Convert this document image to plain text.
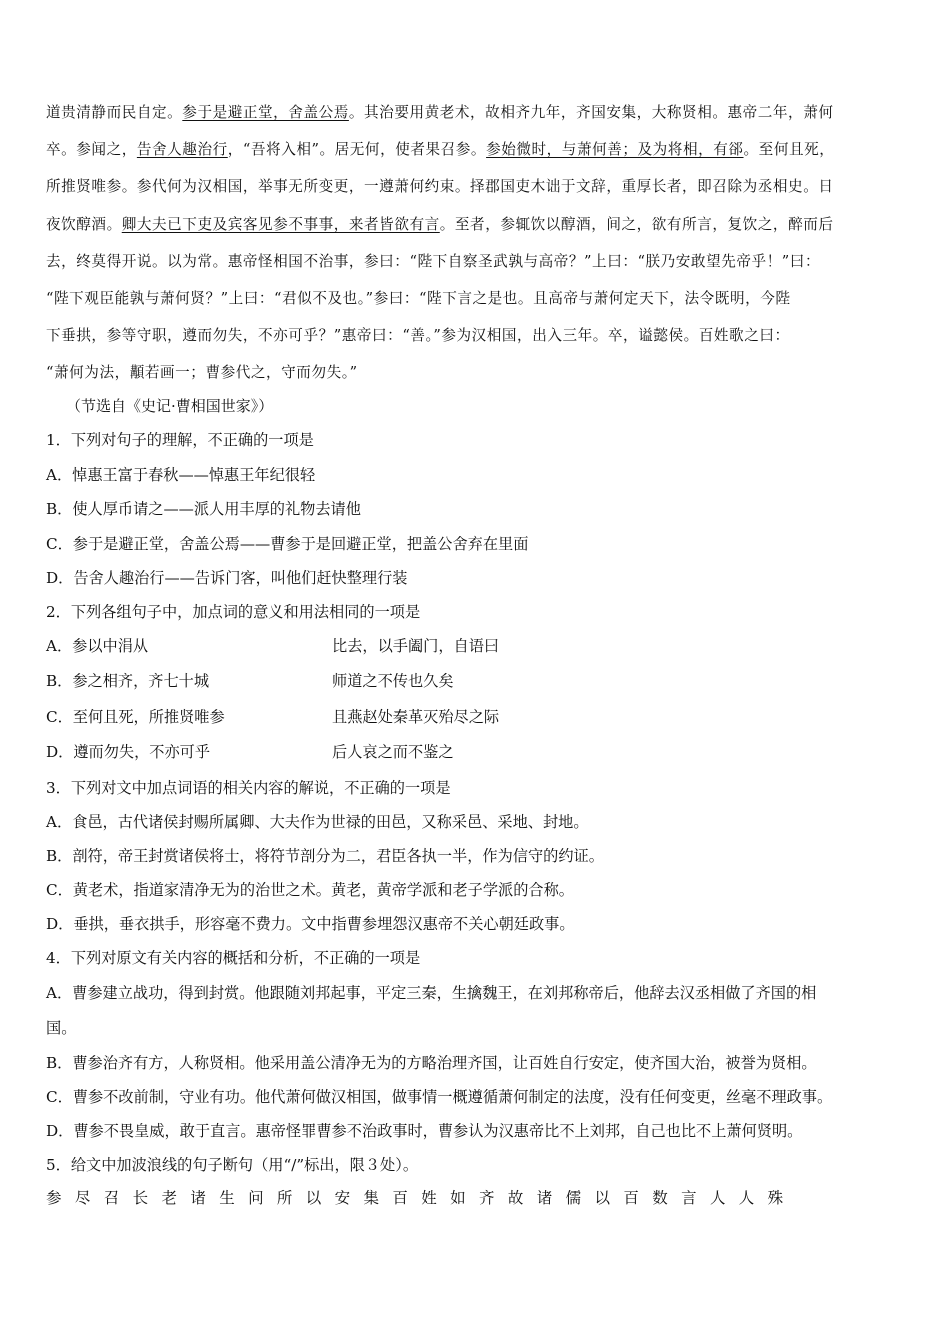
道贵清静而民自定。参于是避正堂，舍盖公焉。其治要用黄老术，故相齐九年，齐国安集，大称贤相。惠帝二年，萧何
卒。参闻之，告舍人趣治行，“吾将入相”。居无何，使者果召参。参始微时，与萧何善；及为将相，有郤。至何且死，
所推贤唯参。参代何为汉相国，举事无所变更，一遵萧何约束。择郡国吏木诎于文辞，重厚长者，即召除为丞相史。日
夜饮醇酒。卿大夫已下吏及宾客见参不事事，来者皆欲有言。至者，参辄饮以醇酒，间之，欲有所言，复饮之，醉而后
去，终莫得开说。以为常。惠帝怪相国不治事，参曰：“陛下自察圣武孰与高帝？”上曰：“朕乃安敢望先帝乎！”曰：
“陛下观臣能孰与萧何贤？”上曰：“君似不及也。”参曰：“陛下言之是也。且高帝与萧何定天下，法令既明，今陛
下垂拱，参等守职，遵而勿失，不亦可乎？”惠帝曰：“善。”参为汉相国，出入三年。卒，谥懿侯。百姓歌之曰：
“萧何为法，顜若画一；曹参代之，守而勿失。”
（节选自《史记·曹相国世家》）
1．下列对句子的理解，不正确的一项是
A．悼惠王富于春秋——悼惠王年纪很轻
B．使人厚币请之——派人用丰厚的礼物去请他
C．参于是避正堂，舍盖公焉——曹参于是回避正堂，把盖公舍弃在里面
D．告舍人趣治行——告诉门客，叫他们赶快整理行装
2．下列各组句子中，加点词的意义和用法相同的一项是
A．参以中涓从	比去，以手阖门，自语曰
B．参之相齐，齐七十城	师道之不传也久矣
C．至何且死，所推贤唯参	且燕赵处秦革灭殆尽之际
D．遵而勿失，不亦可乎	后人哀之而不鉴之
3．下列对文中加点词语的相关内容的解说，不正确的一项是
A．食邑，古代诸侯封赐所属卿、大夫作为世禄的田邑，又称采邑、采地、封地。
B．剖符，帝王封赏诸侯将士，将符节剖分为二，君臣各执一半，作为信守的约证。
C．黄老术，指道家清净无为的治世之术。黄老，黄帝学派和老子学派的合称。
D．垂拱，垂衣拱手，形容毫不费力。文中指曹参埋怨汉惠帝不关心朝廷政事。
4．下列对原文有关内容的概括和分析，不正确的一项是
A．曹参建立战功，得到封赏。他跟随刘邦起事，平定三秦，生擒魏王，在刘邦称帝后，他辞去汉丞相做了齐国的相
国。
B．曹参治齐有方，人称贤相。他采用盖公清净无为的方略治理齐国，让百姓自行安定，使齐国大治，被誉为贤相。
C．曹参不改前制，守业有功。他代萧何做汉相国，做事情一概遵循萧何制定的法度，没有任何变更，丝毫不理政事。
D．曹参不畏皇威，敢于直言。惠帝怪罪曹参不治政事时，曹参认为汉惠帝比不上刘邦，自己也比不上萧何贤明。
5．给文中加波浪线的句子断句（用“/”标出，限３处）。
参 尽 召 长 老 诸 生 问 所 以 安 集 百 姓 如 齐 故 诸 儒 以 百 数 言 人 人 殊
